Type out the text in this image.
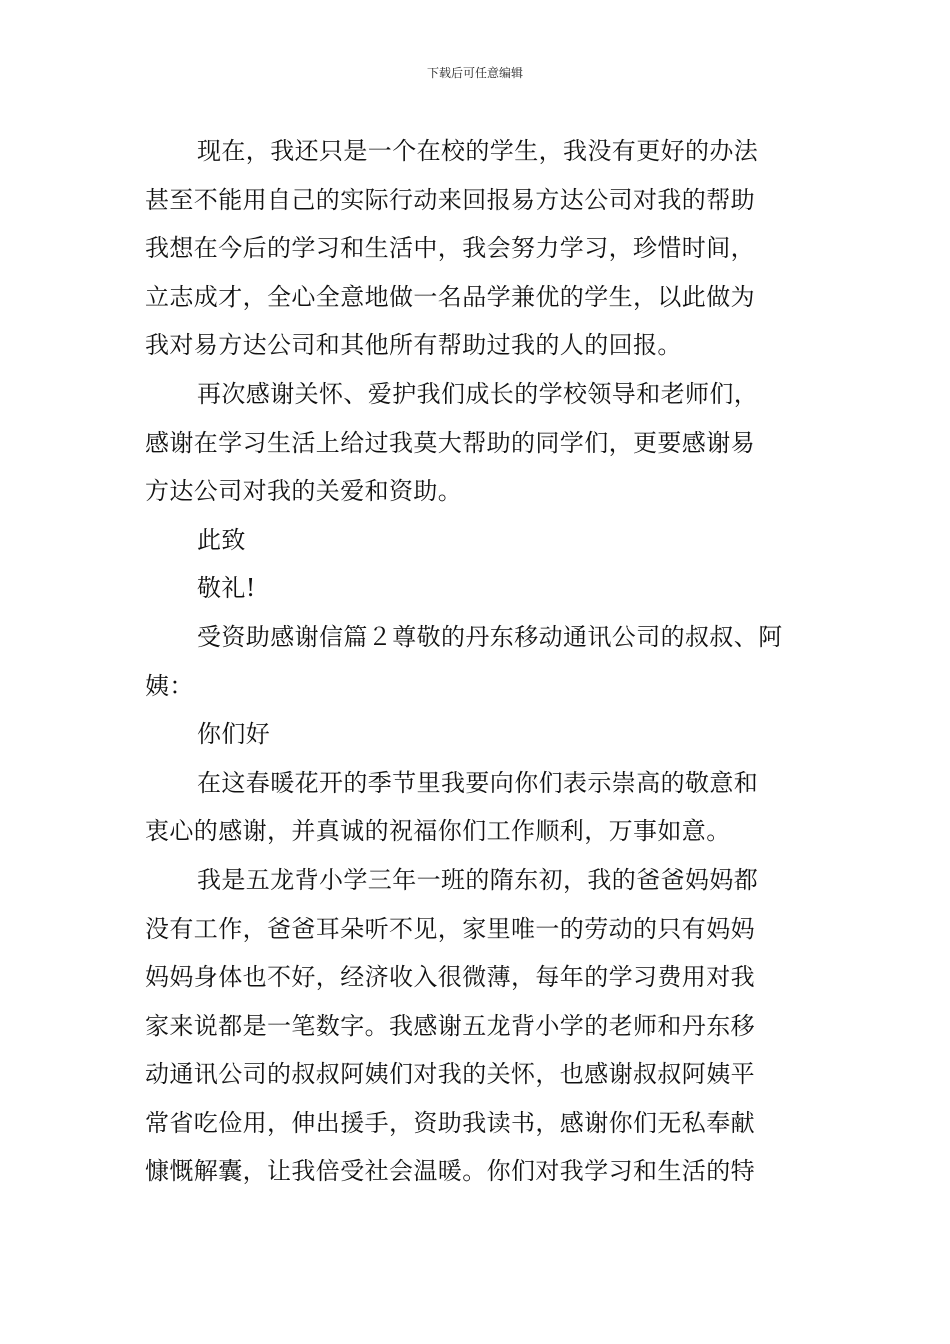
下载后可任意编辑
现在，我还只是一个在校的学生，我没有更好的办法
甚至不能用自己的实际行动来回报易方达公司对我的帮助
我想在今后的学习和生活中，我会努力学习，珍惜时间，
立志成才，全心全意地做一名品学兼优的学生，以此做为
我对易方达公司和其他所有帮助过我的人的回报。
再次感谢关怀、爱护我们成长的学校领导和老师们，
感谢在学习生活上给过我莫大帮助的同学们，更要感谢易
方达公司对我的关爱和资助。
此致
敬礼!
受资助感谢信篇２尊敬的丹东移动通讯公司的叔叔、阿
姨：
你们好
在这春暖花开的季节里我要向你们表示崇高的敬意和
衷心的感谢，并真诚的祝福你们工作顺利，万事如意。
我是五龙背小学三年一班的隋东初，我的爸爸妈妈都
没有工作，爸爸耳朵听不见，家里唯一的劳动的只有妈妈
妈妈身体也不好，经济收入很微薄，每年的学习费用对我
家来说都是一笔数字。我感谢五龙背小学的老师和丹东移
动通讯公司的叔叔阿姨们对我的关怀，也感谢叔叔阿姨平
常省吃俭用，伸出援手，资助我读书，感谢你们无私奉献
慷慨解囊，让我倍受社会温暖。你们对我学习和生活的特
